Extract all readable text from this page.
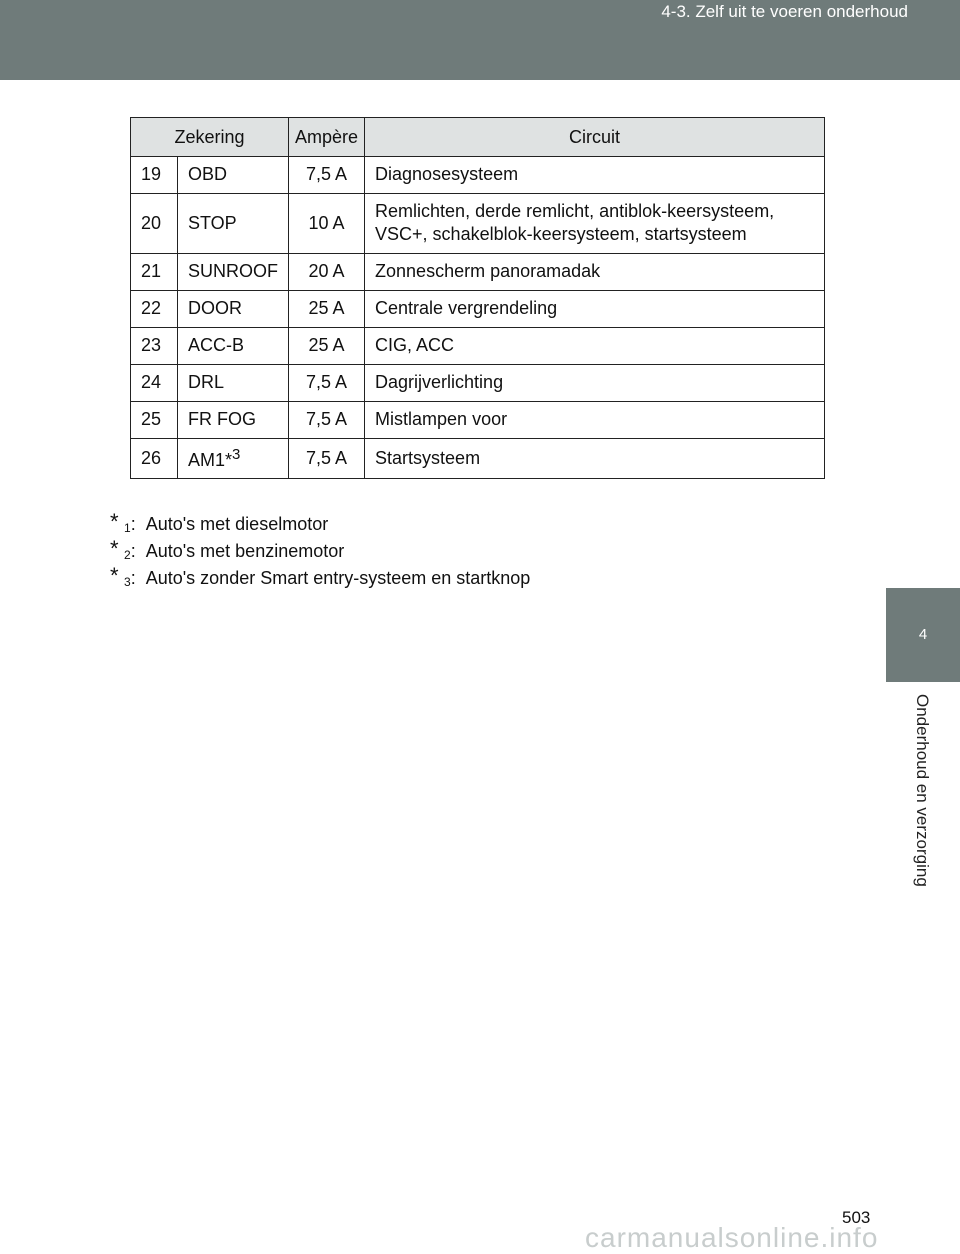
4-3. Zelf uit te voeren onderhoud
4
Onderhoud en verzorging
Zekering		Ampère	Circuit
19	OBD	7,5 A	Diagnosesysteem
20	STOP	10 A	Remlichten, derde remlicht, antiblok-keersysteem, VSC+, schakelblok-keersysteem, startsysteem
21	SUNROOF	20 A	Zonnescherm panoramadak
22	DOOR	25 A	Centrale vergrendeling
23	ACC-B	25 A	CIG, ACC
24	DRL	7,5 A	Dagrijverlichting
25	FR FOG	7,5 A	Mistlampen voor
26	AM1*$^3$	7,5 A	Startsysteem
* $_1$ : Auto's met dieselmotor
* $_2$ : Auto's met benzinemotor
* $_3$ : Auto's zonder Smart entry-systeem en startknop
503
carmanualsonline.info
